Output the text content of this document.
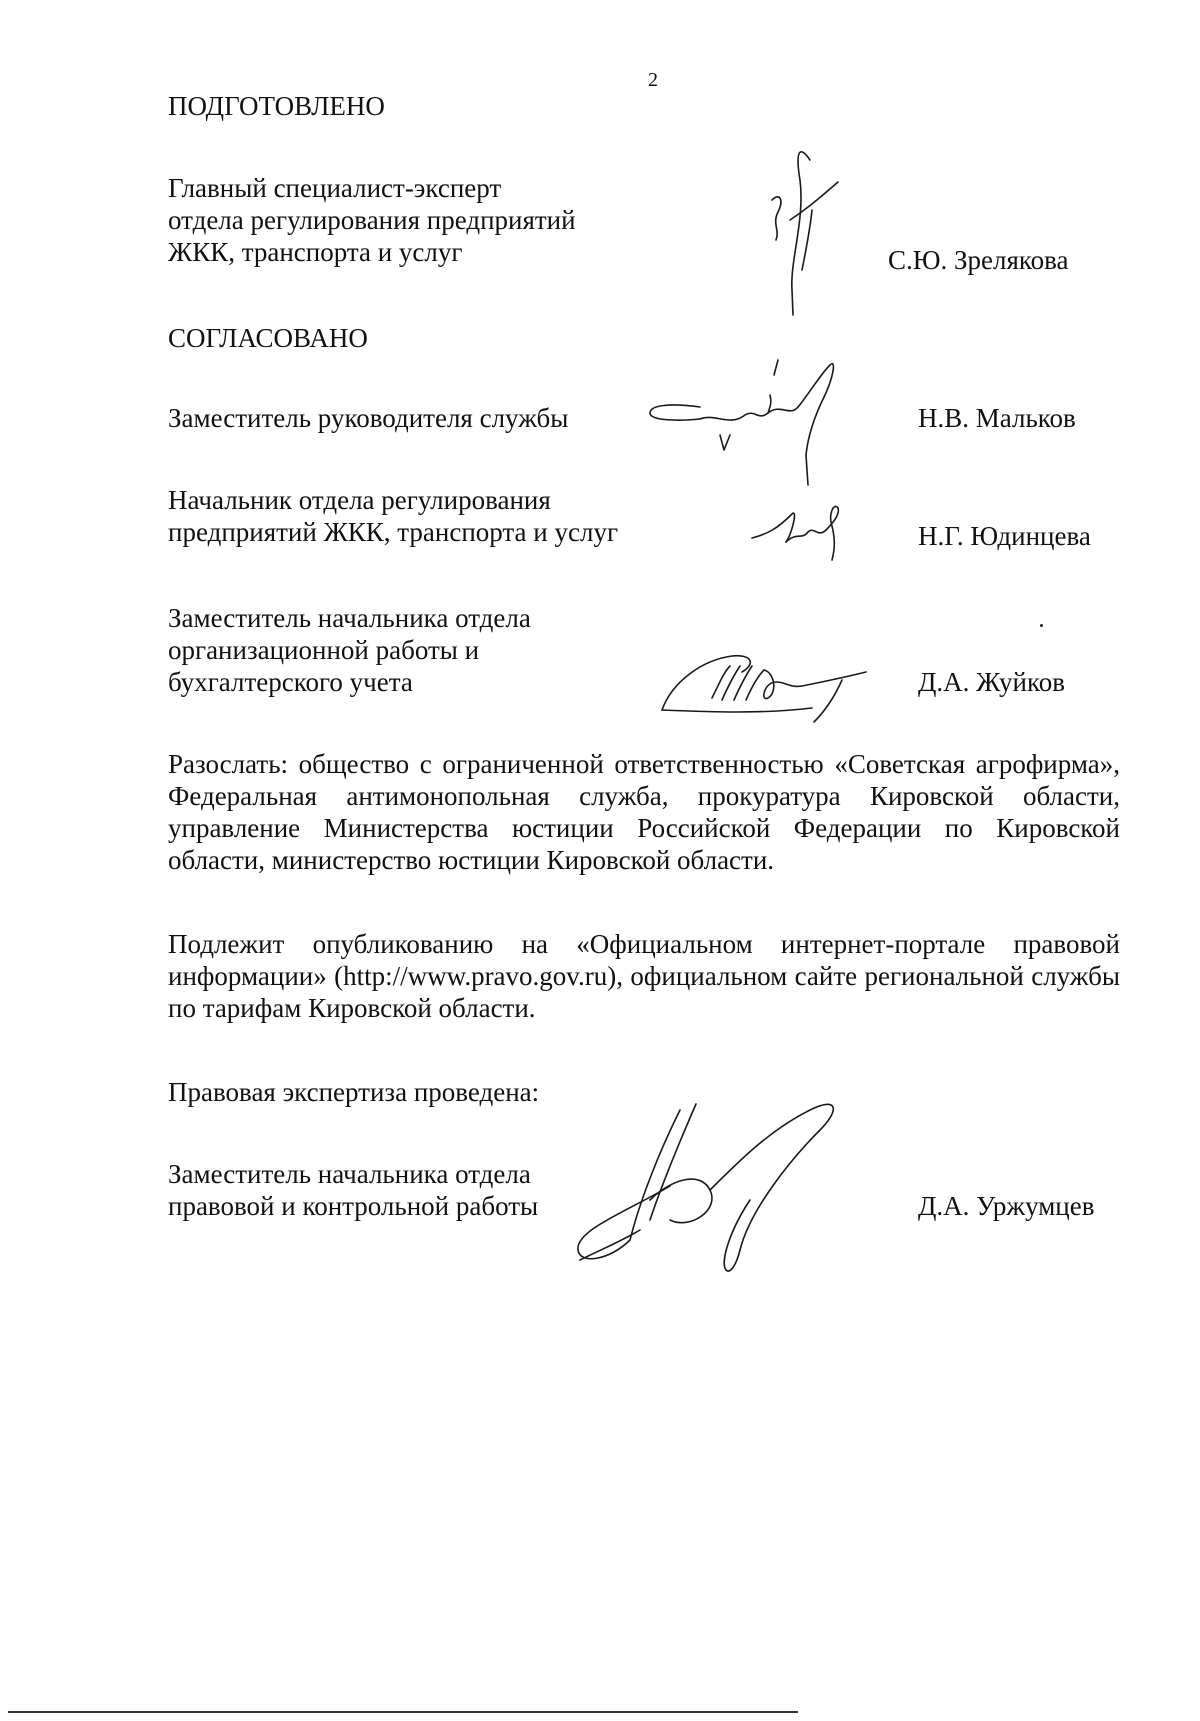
2
ПОДГОТОВЛЕНО
Главный специалист-эксперт
отдела регулирования предприятий
ЖКК, транспорта и услуг	С.Ю. Зрелякова
СОГЛАСОВАНО
Заместитель руководителя службы	Н.В. Мальков
Начальник отдела регулирования
предприятий ЖКК, транспорта и услуг	Н.Г. Юдинцева
Заместитель начальника отдела
организационной работы и
бухгалтерского учета	Д.А. Жуйков
Разослать: общество с ограниченной ответственностью «Советская агрофирма», Федеральная антимонопольная служба, прокуратура Кировской области, управление Министерства юстиции Российской Федерации по Кировской области, министерство юстиции Кировской области.
Подлежит опубликованию на «Официальном интернет-портале правовой информации» (http://www.pravo.gov.ru), официальном сайте региональной службы по тарифам Кировской области.
Правовая экспертиза проведена:
Заместитель начальника отдела
правовой и контрольной работы	Д.А. Уржумцев
